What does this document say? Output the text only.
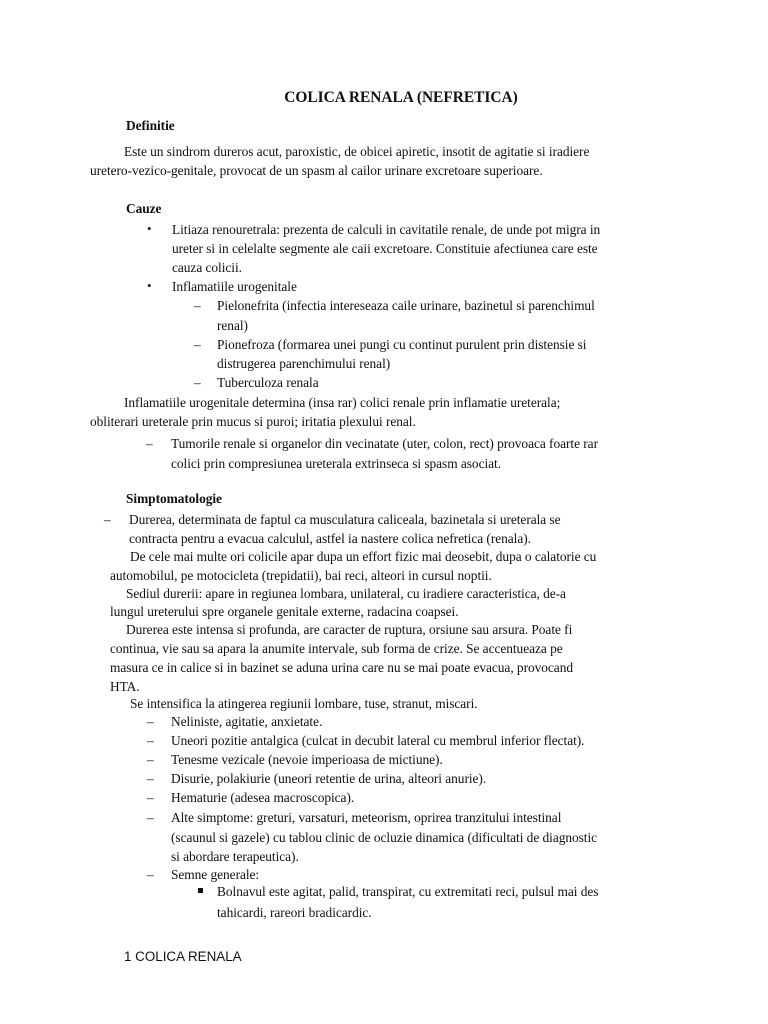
COLICA RENALA (NEFRETICA)
Definitie
Este un sindrom dureros acut, paroxistic, de obicei apiretic, insotit de agitatie si iradiere
uretero-vezico-genitale, provocat de un spasm al cailor urinare excretoare superioare.
Cauze
• Litiaza renouretrala: prezenta de calculi in cavitatile renale, de unde pot migra in
ureter si in celelalte segmente ale caii excretoare. Constituie afectiunea care este
cauza colicii.
• Inflamatiile urogenitale
– Pielonefrita (infectia intereseaza caile urinare, bazinetul si parenchimul
renal)
– Pionefroza (formarea unei pungi cu continut purulent prin distensie si
distrugerea parenchimului renal)
– Tuberculoza renala
Inflamatiile urogenitale determina (insa rar) colici renale prin inflamatie ureterala;
obliterari ureterale prin mucus si puroi; iritatia plexului renal.
– Tumorile renale si organelor din vecinatate (uter, colon, rect) provoaca foarte rar
colici prin compresiunea ureterala extrinseca si spasm asociat.
Simptomatologie
– Durerea, determinata de faptul ca musculatura caliceala, bazinetala si ureterala se
contracta pentru a evacua calculul, astfel ia nastere colica nefretica (renala).
De cele mai multe ori colicile apar dupa un effort fizic mai deosebit, dupa o calatorie cu
automobilul, pe motocicleta (trepidatii), bai reci, alteori in cursul noptii.
Sediul durerii: apare in regiunea lombara, unilateral, cu iradiere caracteristica, de-a
lungul ureterului spre organele genitale externe, radacina coapsei.
Durerea este intensa si profunda, are caracter de ruptura, orsiune sau arsura. Poate fi
continua, vie sau sa apara la anumite intervale, sub forma de crize. Se accentueaza pe
masura ce in calice si in bazinet se aduna urina care nu se mai poate evacua, provocand
HTA.
Se intensifica la atingerea regiunii lombare, tuse, stranut, miscari.
– Neliniste, agitatie, anxietate.
– Uneori pozitie antalgica (culcat in decubit lateral cu membrul inferior flectat).
– Tenesme vezicale (nevoie imperioasa de mictiune).
– Disurie, polakiurie (uneori retentie de urina, alteori anurie).
– Hematurie (adesea macroscopica).
– Alte simptome: greturi, varsaturi, meteorism, oprirea tranzitului intestinal
(scaunul si gazele) cu tablou clinic de ocluzie dinamica (dificultati de diagnostic
si abordare terapeutica).
– Semne generale:
Bolnavul este agitat, palid, transpirat, cu extremitati reci, pulsul mai des
tahicardi, rareori bradicardic.
1 COLICA RENALA
